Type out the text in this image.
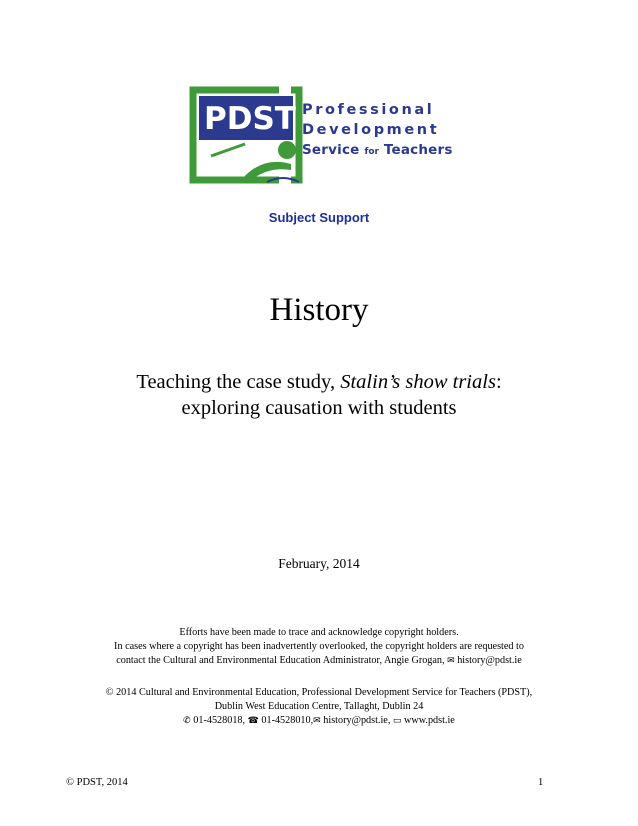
PDST Professional
Development
Service for Teachers
Subject Support
History
Teaching the case study, Stalin’s show trials:
exploring causation with students
February, 2014
Efforts have been made to trace and acknowledge copyright holders.
In cases where a copyright has been inadvertently overlooked, the copyright holders are requested to
contact the Cultural and Environmental Education Administrator, Angie Grogan, ✉ history@pdst.ie
© 2014 Cultural and Environmental Education, Professional Development Service for Teachers (PDST),
Dublin West Education Centre, Tallaght, Dublin 24
✆ 01-4528018, ☎ 01-4528010,✉ history@pdst.ie, ▭ www.pdst.ie
© PDST, 2014	1
